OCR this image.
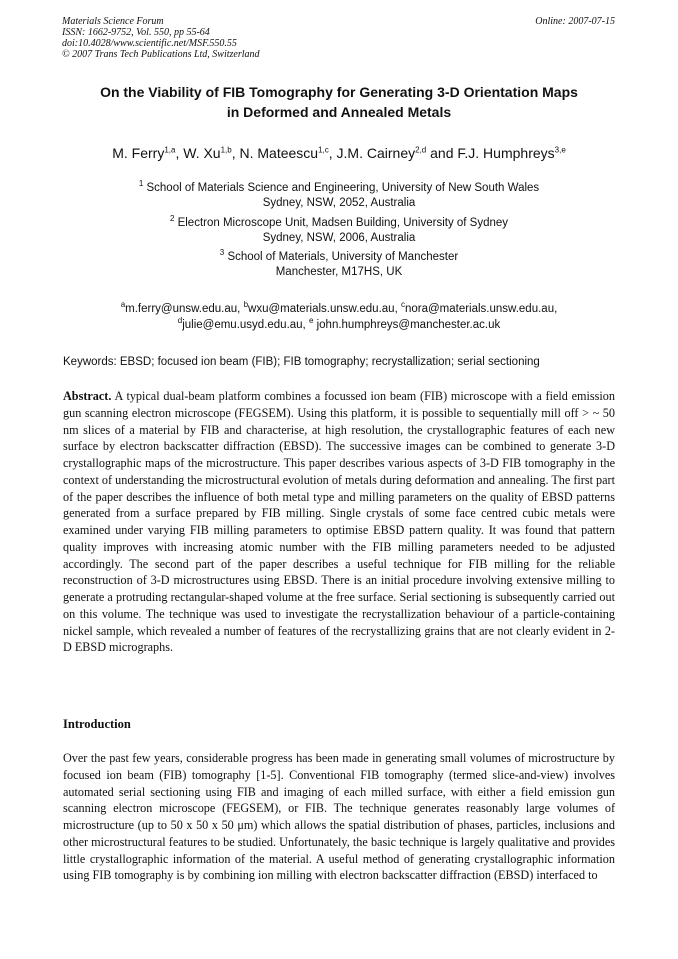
Materials Science Forum
ISSN: 1662-9752, Vol. 550, pp 55-64
doi:10.4028/www.scientific.net/MSF.550.55
© 2007 Trans Tech Publications Ltd, Switzerland
Online: 2007-07-15
On the Viability of FIB Tomography for Generating 3-D Orientation Maps
in Deformed and Annealed Metals
M. Ferry$^{1,a}$, W. Xu$^{1,b}$, N. Mateescu$^{1,c}$, J.M. Cairney$^{2,d}$ and F.J. Humphreys$^{3,e}$
$^1$ School of Materials Science and Engineering, University of New South Wales
Sydney, NSW, 2052, Australia
$^2$ Electron Microscope Unit, Madsen Building, University of Sydney
Sydney, NSW, 2006, Australia
$^3$ School of Materials, University of Manchester
Manchester, M17HS, UK
$^a$m.ferry@unsw.edu.au, $^b$wxu@materials.unsw.edu.au, $^c$nora@materials.unsw.edu.au,
$^d$julie@emu.usyd.edu.au, $^e$ john.humphreys@manchester.ac.uk
Keywords: EBSD; focused ion beam (FIB); FIB tomography; recrystallization; serial sectioning
Abstract. A typical dual-beam platform combines a focussed ion beam (FIB) microscope with a field emission gun scanning electron microscope (FEGSEM). Using this platform, it is possible to sequentially mill off > ~ 50 nm slices of a material by FIB and characterise, at high resolution, the crystallographic features of each new surface by electron backscatter diffraction (EBSD). The successive images can be combined to generate 3-D crystallographic maps of the microstructure. This paper describes various aspects of 3-D FIB tomography in the context of understanding the microstructural evolution of metals during deformation and annealing. The first part of the paper describes the influence of both metal type and milling parameters on the quality of EBSD patterns generated from a surface prepared by FIB milling. Single crystals of some face centred cubic metals were examined under varying FIB milling parameters to optimise EBSD pattern quality. It was found that pattern quality improves with increasing atomic number with the FIB milling parameters needed to be adjusted accordingly. The second part of the paper describes a useful technique for FIB milling for the reliable reconstruction of 3-D microstructures using EBSD. There is an initial procedure involving extensive milling to generate a protruding rectangular-shaped volume at the free surface. Serial sectioning is subsequently carried out on this volume. The technique was used to investigate the recrystallization behaviour of a particle-containing nickel sample, which revealed a number of features of the recrystallizing grains that are not clearly evident in 2-D EBSD micrographs.
Introduction
Over the past few years, considerable progress has been made in generating small volumes of microstructure by focused ion beam (FIB) tomography [1-5]. Conventional FIB tomography (termed slice-and-view) involves automated serial sectioning using FIB and imaging of each milled surface, with either a field emission gun scanning electron microscope (FEGSEM), or FIB. The technique generates reasonably large volumes of microstructure (up to 50 x 50 x 50 μm) which allows the spatial distribution of phases, particles, inclusions and other microstructural features to be studied. Unfortunately, the basic technique is largely qualitative and provides little crystallographic information of the material. A useful method of generating crystallographic information using FIB tomography is by combining ion milling with electron backscatter diffraction (EBSD) interfaced to
